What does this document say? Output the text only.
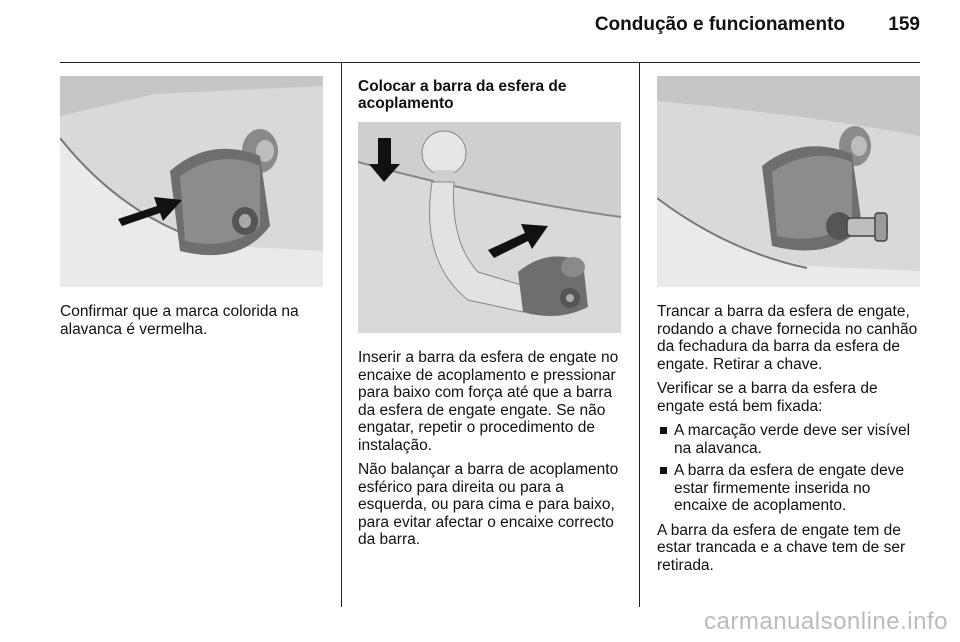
Condução e funcionamento 159

Confirmar que a marca colorida na alavanca é vermelha.

Colocar a barra da esfera de acoplamento

Inserir a barra da esfera de engate no encaixe de acoplamento e pressionar para baixo com força até que a barra da esfera de engate engate. Se não engatar, repetir o procedimento de instalação.

Não balançar a barra de acoplamento esférico para direita ou para a esquerda, ou para cima e para baixo, para evitar afectar o encaixe correcto da barra.

Trancar a barra da esfera de engate, rodando a chave fornecida no canhão da fechadura da barra da esfera de engate. Retirar a chave.

Verificar se a barra da esfera de engate está bem fixada:

A marcação verde deve ser visível na alavanca.
A barra da esfera de engate deve estar firmemente inserida no encaixe de acoplamento.

A barra da esfera de engate tem de estar trancada e a chave tem de ser retirada.

carmanualsonline.info
